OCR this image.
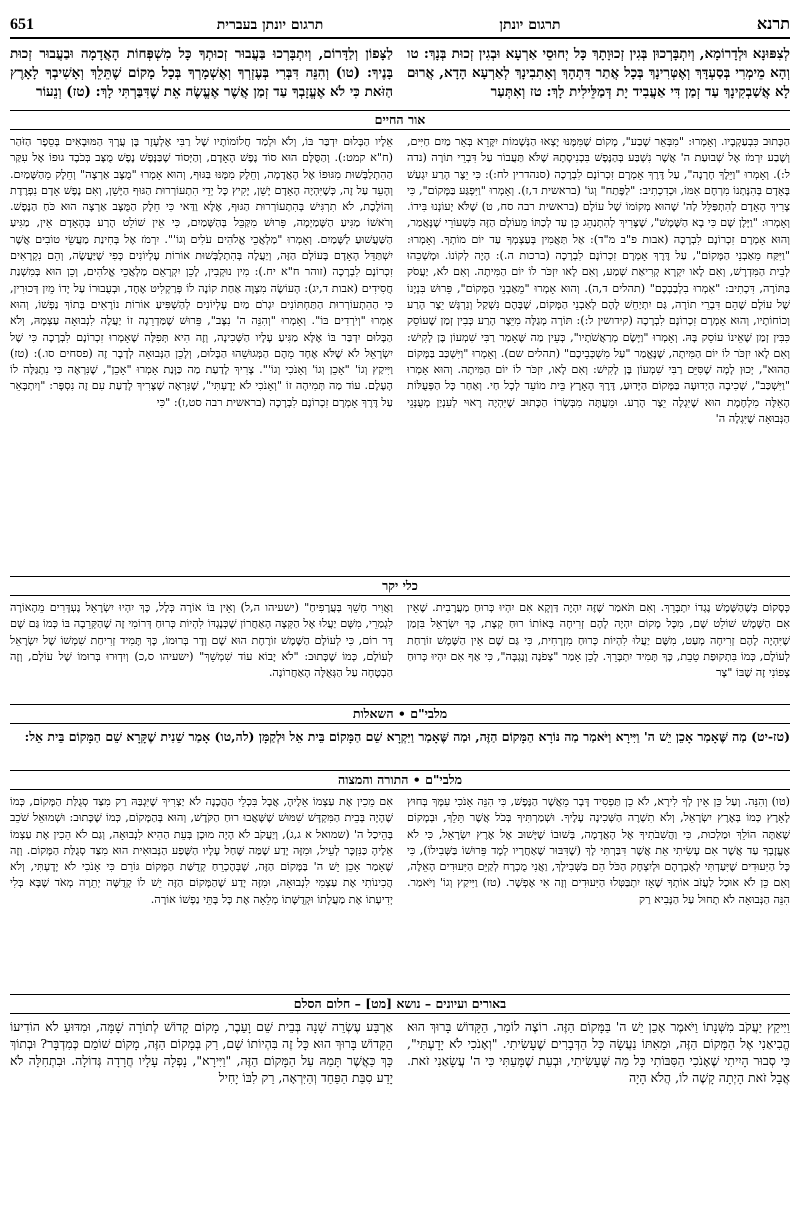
תרנא
תרגום יונתן
תרגום יונתן בעברית
651

לְצִפּוּנָא וּלְדָרוֹמָא, וְיִתְבָּרְכוּן בְּגִין זְכוּוָתָךְ כָּל יְחוּסֵי אַרְעָא וּבְגִין זְכוּת בְּנָךְ: טו וְהָא מֵימְרִי בְּסַעְדָּךְ וְאֶטְּרִינָךְ בְּכָל אֲתַר דִּתְהָךְ וְאָתִבִינָךְ לְאַרְעָא הָדָא, אֲרוּם לָא אֲשַׁבְקִינָךְ עַד זְמַן דִּי אַעֲבִיד יָת דְּמַלֵּילִית לָךְ: טז וְאִתְּעַר

לַצָּפוֹן וְלַדָּרוֹם, וְיִתְבָּרְכוּ בַּעֲבוּר זְכוּתְךָ כָּל מִשְׁפְּחוֹת הָאֲדָמָה וּבַעֲבוּר זְכוּת בָּנֶיךָ: (טו) וְהִנֵּה דִּבְּרִי בְּעֶזְרְךָ וְאֶשְׁמָרְךָ בְּכָל מָקוֹם שֶׁתֵּלֵךְ וְאָשִׁיבְךָ לָאָרֶץ הַזֹּאת כִּי לֹא אֶעֱזָבְךָ עַד זְמַן אֲשֶׁר אֶעֱשֶׂה אֵת שֶׁדִּבַּרְתִּי לָךְ: (טז) וְנֵעוֹר

אור החיים

הַכָּתוּב כִּבְעַקְבָיו. וְאָמְרוּ: "מִבְּאֵר שָׁבַע", מָקוֹם שֶׁמִּמֶּנּוּ יָצְאוּ הַנְּשָׁמוֹת יִקָּרֵא בְּאֵר מַיִם חַיִּים, וְשֶׁבַע יִרְמֹז אֶל שְׁבוּעַת ה' אֲשֶׁר נִשְׁבַּע בְּהַנֶּפֶשׁ בִּכְנִיסָתָהּ שֶׁלֹּא תַּעֲבוֹר עַל דִּבְרֵי תוֹרָה (נדה ל:). וְאָמְרוּ "וַיֵּלֶךְ חָרָנָה", עַל דֶּרֶךְ אָמְרָם זִכְרוֹנָם לִבְרָכָה (סנהדרין לח:): כִּי יֵצֶר הָרַע יִגְעַשׁ בָּאָדָם בְּהִנָּתְנוֹ מִרְחֶם אִמּוֹ, וּכְדִכְתִיב: "לַפֶּתַח" וְגוֹ' (בראשית ד,ז). וְאָמְרוּ "וַיִּפְגַּע בַּמָּקוֹם", כִּי צָרִיךְ הָאָדָם לְהִתְפַּלֵּל לַה' שֶׁהוּא מְקוֹמוֹ שֶׁל עוֹלָם (בראשית רבה סח, ט) שֶׁלֹּא יְעוֹנְנוּ בִּידוֹ. וְאָמְרוּ: "וַיָּלֶן שָׁם כִּי בָא הַשֶּׁמֶשׁ", שֶׁצָּרִיךְ לְהִתְנַהֵג כֵּן עַד לְכַתּוֹ מֵעוֹלָם הַזֶּה כִּשְׁעוֹרֵי שֶׁנָּאֲמַר, וְהוּא אָמְרָם זִכְרוֹנָם לִבְרָכָה (אבות פ"ב מ"ד): אַל תַּאֲמִין בְּעַצְמְךָ עַד יוֹם מוֹתְךָ. וְאָמְרוּ: "וַיִּקַּח מֵאַבְנֵי הַמָּקוֹם", עַל דֶּרֶךְ אָמְרָם זִכְרוֹנָם לִבְרָכָה (ברכות ה.): הֶיֶה לְקוֹנוֹ. וּמָשְׁכֵהוּ לְבֵית הַמִּדְרָשׁ, וְאִם לָאו יִקְרָא קְרִיאַת שְׁמַע, וְאִם לָאו יִזְכֹּר לוֹ יוֹם הַמִּיתָה. וְאִם לֹא, יַעֲסֹק בַּתּוֹרָה, דִּכְתִיב: "אִמְרוּ בִלְבַבְכֶם" (תהלים ד,ה). וְהוּא אָמְרוּ "מֵאַבְנֵי הַמָּקוֹם", פֵּרוּשׁ בִּנְיָנוֹ שֶׁל עוֹלָם שֶׁהֵם דִּבְרֵי תוֹרָה, גַּם יִתְיַחֵשׁ לָהֶם לְאַבְנֵי הַמָּקוֹם, שֶׁבָּהֶם נִשְׁקַל וְנִרְגָּשׁ יֵצֶר הָרַע וְכוֹחוֹתָיו, וְהוּא אָמְרָם זִכְרוֹנָם לִבְרָכָה (קידושין ל:): תּוֹרָה מְגַלָּה מִיֵּצֶר הָרַע כְּבִין זְמַן שֶׁעוֹסֵק כִּבִּין זְמַן שֶׁאֵינוֹ עוֹסֵק בָּהּ. וְאָמְרוּ "וַיָּשֶׂם מְרַאֲשֹׁתָיו", כְּעֵין מַה שֶּׁאָמַר רַבִּי שִׁמְעוֹן בֶּן לָקִישׁ: וְאִם לָאו יִזְכֹּר לוֹ יוֹם הַמִּיתָה, שֶׁנֶּאֱמַר "עַל מִשְׁכְּבֵיכֶם" (תהלים שם). וְאָמְרוּ "וַיִּשְׁכַּב בַּמָּקוֹם הַהוּא", יְכוּן לָמָה שֶׁסִּיֵּם רַבִּי שִׁמְעוֹן בֶּן לָקִישׁ: וְאִם לָאו, יִזְכֹּר לוֹ יוֹם הַמִּיתָה. וְהוּא אָמְרוּ "וַיִּשְׁכַּב", שְׁכִיבָה הַיְדוּעָה בַּמָּקוֹם הַיָּדוּעַ, דֶּרֶךְ הָאָרֶץ בֵּית מוֹעֵד לְכָל חַי. וְאַחַר כָּל הַפְּעֻלּוֹת הָאֵלֶּה מִלְחֶמֶת הוּא שֶׁיִּגְלֶה יֵצֶר הָרַע. וּמֵעֲתָּה מִבְּשָׂרוֹ הַכָּתוּב שֶׁיִּהְיֶה רָאוּי לְעִנְיַן מְעֻנְּגֵי הַנְּבוּאָה שֶׁיִּגְלֶה ה'

אֵלָיו הַבָּלוּם יִדְבַּר בּוֹ, וְלֹא וּלְמַד חֲלוֹמוֹתָיו שֶׁל רַבִּי אֶלְעָזָר בֶּן עֲרָךְ הַמּוּבָאִים בְּסֵפֶר הַזֹּהַר (ח"א קמט:). וְהַסֻּלָּם הוּא סוֹד נֶפֶשׁ הָאָדָם, וְהַיְּסוֹד שֶׁבַּנֶּפֶשׁ נֶפֶשׁ מֻצָּב בְּכֹבֶד גוּפוֹ אֶל עִקַּר הַהִתְלַבְּשׁוּת מִגּוּפוֹ אֶל הָאֲדָמָה, וְחֵלֶק מִמֶּנּוּ בַּגּוּף, וְהוּא אָמְרוּ "מֻצָּב אַרְצָה" וְחֵלֶק מֵהַשָּׁמַיִם. וְהָעֵד עַל זֶה, כְּשֶׁיִּהְיֶה הָאָדָם יָשֵׁן, יָקִיץ כָּל יְדֵי הִתְעוֹרְרוּת הַגּוּף הַיָּשֵׁן, וְאִם נֶפֶשׁ אָדָם נִפְרֶדֶת וְהוֹלֶכֶת, לֹא תִרְגִּישׁ בְּהִתְעוֹרְרוּת הַגּוּף, אֶלָּא וַדַּאי כִּי חֵלֶק הַמֻּצָּב אַרְצָה הוּא כֹּחַ הַנֶּפֶשׁ. וְרֹאשׁוֹ מַגִּיעַ הַשָּׁמַיְמָה, פֵּרוּשׁ מִקַּבֵּל בְּהַשָּׁמַיִם, כִּי אֵין שׁוֹלֵט הָרַע בְּהָאָדָם אֵין, מַגִּיעַ הַשַּׁעֲשׁוּעַ לַשָּׁמַיִם. וְאָמְרוּ "מַלְאֲכֵי אֱלֹהִים עֹלִים וְגוֹ'". יִרְמֹז אֶל בְּחִינַת מַעֲשֵׂי טוֹבִים אֲשֶׁר יִשְׁתַּדֵּל הָאָדָם בָּעוֹלָם הַזֶּה, וְיַעֲלֶה בְּהִתְלַבְּשׁוּת אוֹרוֹת עֶלְיוֹנִים כְּפִי שֶׁיַּעֲשֶׂה, וְהֵם נִקְרָאִים זִכְרוֹנָם לִבְרָכָה (זוהר ח"א יח.): מִין נוּקְבִין, לָכֵן יִקְרָאֵם מַלְאֲכֵי אֱלֹהִים, וְכֵן הוּא בְּמִשְׁנַת חֲסִידִים (אבות ד,יג): הָעוֹשֶׂה מִצְוָה אַחַת קוֹנֶה לוֹ פְּרַקְלִיט אֶחָד, וּבְעֻבוּרוֹ עַל יָדוֹ מֵיִן דְּכוּרִין, כִּי הַהִתְעוֹרְרוּת הַתַּחְתּוֹנִים יִגְרֹם מַיִם עֶלְיוֹנִים לְהַשְׁפִּיעַ אוֹרוֹת נוֹרָאִים בְּתוֹךְ נַפְשׁוֹ, וְהוּא אָמְרוּ "וְיֹרְדִים בּוֹ". וְאָמְרוּ "וְהִנֵּה ה' נִצָּב", פֵּרוּשׁ שֶׁמַּדְרֵגָה זוֹ יַעֲלֶה לִנְבוּאָה עַצְמָהּ, וְלֹא הַבָּלוּם יִדְבַּר בּוֹ אֶלָּא מַגִּיעַ עָלָיו הַשְּׁכִינָה, וְזֶה הִיא תְּפִלָּה שֶׁאָמְרוּ זִכְרוֹנָם לִבְרָכָה כִּי שֶׁל יִשְׂרָאֵל לֹא שֶׁלֹּא אֶחָד מֵהֶם הַמְּגוּשֵׁהוּ הַבָּלוּם, וְלָכֵן הַנְּבוּאָה לְדָבָר זֶה (פסחים סו.): (טז) וַיִּיקַץ וְגוֹ' "אָכֵן וְגוֹ' וְאָנֹכִי וְגוֹ'". צָרִיךְ לָדַעַת מַה כַּוָּנַת אָמְרוּ "אָכֵן", שֶׁנִּרְאֶה כִּי נִתְגַּלָּה לוֹ הָעֶלֶם. עוֹד מַה תְּמִיהָה זוֹ "וְאָנֹכִי לֹא יָדָעְתִּי", שֶׁנִּרְאֶה שֶׁצָּרִיךְ לָדַעַת עִם זֶה נִסְפָּר: "וְיִתְבָּאֵר עַל דֶּרֶךְ אָמְרָם זִכְרוֹנָם לִבְרָכָה (בראשית רבה סט,ז): "כִּי

כלי יקר

כְּסָקוֹם כְּשֶׁהַשֶּׁמֶשׁ נֶגְדוֹ יִתְבָּרֵךְ. וְאִם תֹּאמַר שֶׁזֶּה יִהְיֶה דַּוְקָא אִם יִהְיוּ כְּרוּחַ מַעֲרָבִית. שֶׁאֵין אִם הַשֶּׁמֶשׁ שׁוֹלֵט שָׁם, מִכָּל מָקוֹם יִהְיֶה לָהֶם זְרִיחָה בְּאוֹתוֹ רוּחַ קְצָת, כָּךְ יִשְׂרָאֵל בִּזְמַן שֶׁיִּהְיֶה לָהֶם זְרִיחָה מְעַט, מִשֶּׁם יַעֲלוּ לִהְיוֹת כְּרוּחַ מִזְרָחִית, כִּי גַּם שֶׁם אֵין הַשֶּׁמֶשׁ זוֹרַחַת לְעוֹלָם, כְּמוֹ בִּתְקוּפַת טֵבֵת, כָּךְ תָּמִיד יִתְבָּרֵךְ. לָכֵן אָמַר "צְפֹנָה וָנֶגְבָּה", כִּי אַף אִם יִהְיוּ כְּרוּחַ צְפוֹנִי זֶה שֶׁבּוֹ "צָר

וַאֲוִיר חָשֵׁךְ בְּעֲרָפִיחַ" (ישעיהו ה,ל) וְאֵין בּוֹ אוֹרָה כְּלָל, כָּךְ יִהְיוּ יִשְׂרָאֵל נֶעְדָּרִים מֵהָאוֹרָה לִגְמַרֵי, מִשָּׁם יַעֲלוּ אֶל הַקְּצָה הָאַחֲרוֹן שֶׁכְּנֶגְדּוֹ לִהְיוֹת כְּרוּחַ דְּרוֹמִי זֶה שֶׁהַקְּרֵבָה בּוֹ כְּמוֹ גַּם שָׁם דָּר רוֹם, כִּי לְעוֹלָם הַשֶּׁמֶשׁ זוֹרֶחֶת הוּא שָׁם וְדָר בְּרוּמוֹ, כָּךְ תָּמִיד זְרִיחַת שִׁמְשׁוֹ שֶׁל יִשְׂרָאֵל לְעוֹלָם, כְּמוֹ שֶׁכָּתוּב: "לֹא יָבוֹא עוֹד שִׁמְשֵׁךְ" (ישעיהו ס,כ) וְיִדְוּרוּ בְּרוּמוֹ שֶׁל עוֹלָם, וְזֶה הַבְטָחָה עַל הַגְּאֻלָּה הָאַחֲרוֹנָה.

מלבי"ם • השאלות

(טז-יט) מַה שֶּׁאָמַר אָכֵן יֵשׁ ה' וַיִּירָא וַיֹּאמַר מַה נּוֹרָא הַמָּקוֹם הַזֶּה, וּמַה שֶּׁאָמַר וַיִּקְרָא שֵׁם הַמָּקוֹם בֵּית אֵל וּלְקַמָּן (לה,טו) אָמַר שֵׁנִית שֶׁקָּרָא שֵׁם הַמָּקוֹם בֵּית אֵל:

מלבי"ם • התורה והמצוה

(טו) וְהִנֵּה. וְעַל כֵּן אֵין לְךָ לִירָא, לֹא כֵן תַּפְסִיד דָּבָר מֵאֲשֶׁר הַנֶּפֶשׁ, כִּי הִנֵּה אָנֹכִי עִמָּךְ בְּחוּץ לָאָרֶץ כְּמוֹ בְּאֶרֶץ יִשְׂרָאֵל, וְלֹא תִשְׁרֶה הַשְּׁכִינָה עָלֶיךָ. וּשְׁמַרְתִּיךָ בְּכֹל אֲשֶׁר תֵּלֵךְ, וּבְמָקוֹם שֶׁאַתָּה הוֹלֵךְ וּמַלְכוּת, כִּי וַהֲשִׁבֹתִיךָ אֶל הָאֲדָמָה, בְּשׁוּבוֹ שֶׁיָּשׁוּב אֶל אֶרֶץ יִשְׂרָאֵל, כִּי לֹא אֶעֱזָבְךָ עַד אֲשֶׁר אִם עָשִׂיתִי אֵת אֲשֶׁר דִּבַּרְתִּי לָךְ (שֶׁדִּבּוּר שֶׁאַחֲרָיו לְמָד פֵּרוּשׁוֹ בַּשְּׁבִילוֹ), כִּי כָּל הַיִּעוּדִים שֶׁיִּעַדְתִּי לְאַבְרָהָם וּלְיִצְחָק הַכֹּל הֵם בַּשְּׁבִילָךְ, וַאֲנִי מֻכְרָח לְקַיֵּם הַיִּעוּדִים הָאֵלֶּה, וְאִם כֵּן לֹא אוּכַל לַעֲזֹב אוֹתְךָ שֶׁאָז יִתְבַּטְּלוּ הַיִּעוּדִים וְזֶה אִי אֶפְשָׁר. (טז) וַיִּיקַץ וְגוֹ' וַיֹּאמַר. הִנֵּה הַנְּבוּאָה לֹא תָחוּל עַל הַנָּבִיא רַק

אִם מֵכִין אֶת עַצְמוֹ אֵלֶיהָ, אֲבָל בִּכְלֵי הַהֲכָנָה לֹא יַצְרִיךְ שֶׁיִּגְבַּהּ רַק מִצַּד סְגֻלַּת הַמָּקוֹם, כְּמוֹ שֶׁהָיָה בְּבֵית הַמִּקְדָּשׁ שִׁמּוּשׁ שֶׁשָּׁאֲבוּ רוּחַ הַקֹּדֶשׁ, וְהוּא בְּהַמָּקוֹם, כְּמוֹ שֶׁכָּתוּב: וּשְׁמוּאֵל שֹׁכֵב בְּהֵיכַל ה' (שמואל א ג,ג), וְיַעֲקֹב לֹא הָיָה מוּכָן בְּעֵת הַהִיא לִנְבוּאָה, וְגַם לֹא הֵכִין אֶת עַצְמוֹ אֵלֶיהָ כַּנִּזְכָּר לְעֵיל, וּמִזֶּה יָדַע שֶׁמַּה שֶּׁחַל עָלָיו הַשֶּׁפַע הַנְּבוּאִית הוּא מִצַּד סְגֻלַּת הַמָּקוֹם. וְזֶה שֶׁאָמַר אָכֵן יֵשׁ ה' בַּמָּקוֹם הַזֶּה, שֶׁבְּהֶכְרֵחַ קְדֻשַּׁת הַמָּקוֹם גּוֹרֵם כִּי אָנֹכִי לֹא יָדָעְתִּי, וְלֹא הֲכִינוֹתִי אֶת עַצְמִי לִנְבוּאָה, וּמִזֶּה יָדַע שֶׁהַמָּקוֹם הַזֶּה יֵשׁ לוֹ קְדֻשָּׁה יְתֵרָה מְאֹד שֶׁבָּא בְּלִי יְדִיעָתוֹ אֶת מַעֲלָתוֹ וּקְדֻשָּׁתוֹ מְלֵאָה אֶת כָּל בָּתֵּי נַפְשׁוֹ אוֹרָה.

באורים ועיונים – נושא [מט] – חלום הסלם

וַיִּיקַץ יַעֲקֹב מִשְּׁנָתוֹ וַיֹּאמֶר אָכֵן יֵשׁ ה' בַּמָּקוֹם הַזֶּה. רוֹצֶה לוֹמַר, הַקָּדוֹשׁ בָּרוּךְ הוּא הֱבִיאַנִי אֶל הַמָּקוֹם הַזֶּה, וּמֵאִתּוֹ נַעֲשָׂה כָּל הַדְּבָרִים שֶׁעָשִׂיתִי. "וְאָנֹכִי לֹא יָדָעְתִּי", כִּי סְבוּר הָיִיתִי שֶׁאָנֹכִי הַסִּבּוֹתִי כָּל מַה שֶּׁעָשִׂיתִי, וּבְעֵת שֶׁמָּעַתִּי כִּי ה' עֲשָׂאַנִי זֹאת. אֲבָל זֹאת הָיְתָה קָשֶׁה לוֹ, הֲלֹא הָיָה

אַרְבַּע עֶשְׂרֵה שָׁנָה בְּבֵית שֵׁם וָעֵבֶר, מָקוֹם קָדוֹשׁ לְתוֹרָה שָׁמָּה, וּמִדּוּעַ לֹא הוֹדִיעוֹ הַקָּדוֹשׁ בָּרוּךְ הוּא כָּל זֶה בִּהְיוֹתוֹ שָׁם, רַק בְּמָקוֹם הַזֶּה, מָקוֹם שׁוֹמֵם כְּמִדְבָּר? וּבְתוֹךְ כָּךְ כַּאֲשֶׁר תָּמַהּ עַל הַמָּקוֹם הַזֶּה, "וַיִּירָא", נָפְלָה עָלָיו חֲרָדָה גְּדוֹלָה. וּבִתְחִלָּה לֹא יָדַע סִבַּת הַפַּחַד וְהַיִּרְאָה, רַק לִבּוֹ יָחִיל
